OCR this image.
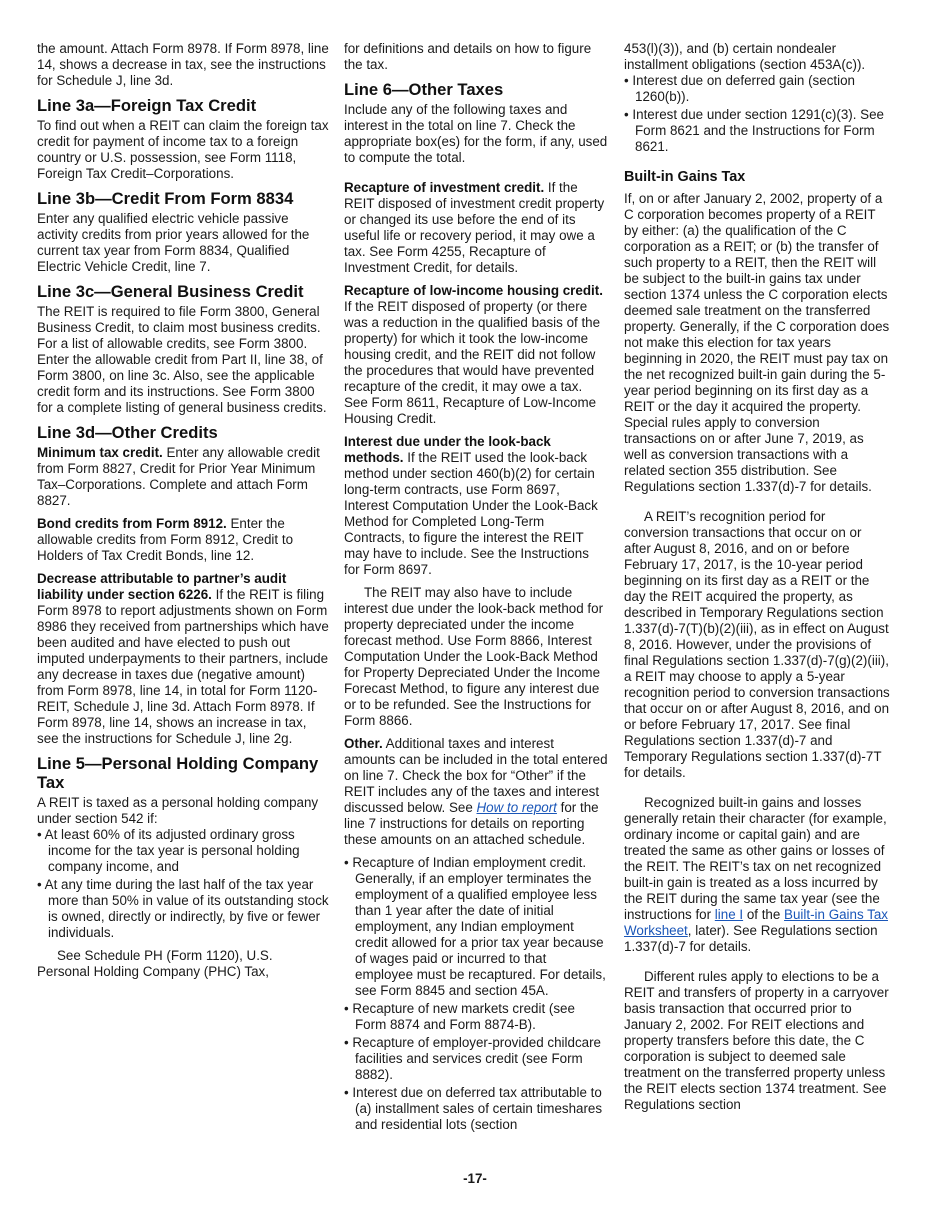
the amount. Attach Form 8978. If Form 8978, line 14, shows a decrease in tax, see the instructions for Schedule J, line 3d.

Line 3a—Foreign Tax Credit

To find out when a REIT can claim the foreign tax credit for payment of income tax to a foreign country or U.S. possession, see Form 1118, Foreign Tax Credit–Corporations.

Line 3b—Credit From Form 8834

Enter any qualified electric vehicle passive activity credits from prior years allowed for the current tax year from Form 8834, Qualified Electric Vehicle Credit, line 7.

Line 3c—General Business Credit

The REIT is required to file Form 3800, General Business Credit, to claim most business credits. For a list of allowable credits, see Form 3800. Enter the allowable credit from Part II, line 38, of Form 3800, on line 3c. Also, see the applicable credit form and its instructions. See Form 3800 for a complete listing of general business credits.

Line 3d—Other Credits

Minimum tax credit. Enter any allowable credit from Form 8827, Credit for Prior Year Minimum Tax–Corporations. Complete and attach Form 8827.

Bond credits from Form 8912. Enter the allowable credits from Form 8912, Credit to Holders of Tax Credit Bonds, line 12.

Decrease attributable to partner’s audit liability under section 6226. If the REIT is filing Form 8978 to report adjustments shown on Form 8986 they received from partnerships which have been audited and have elected to push out imputed underpayments to their partners, include any decrease in taxes due (negative amount) from Form 8978, line 14, in total for Form 1120-REIT, Schedule J, line 3d. Attach Form 8978. If Form 8978, line 14, shows an increase in tax, see the instructions for Schedule J, line 2g.

Line 5—Personal Holding Company Tax

A REIT is taxed as a personal holding company under section 542 if:

• At least 60% of its adjusted ordinary gross income for the tax year is personal holding company income, and

• At any time during the last half of the tax year more than 50% in value of its outstanding stock is owned, directly or indirectly, by five or fewer individuals.

See Schedule PH (Form 1120), U.S. Personal Holding Company (PHC) Tax,

for definitions and details on how to figure the tax.

Line 6—Other Taxes

Include any of the following taxes and interest in the total on line 7. Check the appropriate box(es) for the form, if any, used to compute the total.

Recapture of investment credit. If the REIT disposed of investment credit property or changed its use before the end of its useful life or recovery period, it may owe a tax. See Form 4255, Recapture of Investment Credit, for details.

Recapture of low-income housing credit. If the REIT disposed of property (or there was a reduction in the qualified basis of the property) for which it took the low-income housing credit, and the REIT did not follow the procedures that would have prevented recapture of the credit, it may owe a tax. See Form 8611, Recapture of Low-Income Housing Credit.

Interest due under the look-back methods. If the REIT used the look-back method under section 460(b)(2) for certain long-term contracts, use Form 8697, Interest Computation Under the Look-Back Method for Completed Long-Term Contracts, to figure the interest the REIT may have to include. See the Instructions for Form 8697.

The REIT may also have to include interest due under the look-back method for property depreciated under the income forecast method. Use Form 8866, Interest Computation Under the Look-Back Method for Property Depreciated Under the Income Forecast Method, to figure any interest due or to be refunded. See the Instructions for Form 8866.

Other. Additional taxes and interest amounts can be included in the total entered on line 7. Check the box for “Other” if the REIT includes any of the taxes and interest discussed below. See How to report for the line 7 instructions for details on reporting these amounts on an attached schedule.

• Recapture of Indian employment credit. Generally, if an employer terminates the employment of a qualified employee less than 1 year after the date of initial employment, any Indian employment credit allowed for a prior tax year because of wages paid or incurred to that employee must be recaptured. For details, see Form 8845 and section 45A.

• Recapture of new markets credit (see Form 8874 and Form 8874-B).

• Recapture of employer-provided childcare facilities and services credit (see Form 8882).

• Interest due on deferred tax attributable to (a) installment sales of certain timeshares and residential lots (section

453(l)(3)), and (b) certain nondealer installment obligations (section 453A(c)).

• Interest due on deferred gain (section 1260(b)).

• Interest due under section 1291(c)(3). See Form 8621 and the Instructions for Form 8621.

Built-in Gains Tax

If, on or after January 2, 2002, property of a C corporation becomes property of a REIT by either: (a) the qualification of the C corporation as a REIT; or (b) the transfer of such property to a REIT, then the REIT will be subject to the built-in gains tax under section 1374 unless the C corporation elects deemed sale treatment on the transferred property. Generally, if the C corporation does not make this election for tax years beginning in 2020, the REIT must pay tax on the net recognized built-in gain during the 5-year period beginning on its first day as a REIT or the day it acquired the property. Special rules apply to conversion transactions on or after June 7, 2019, as well as conversion transactions with a related section 355 distribution. See Regulations section 1.337(d)-7 for details.

A REIT’s recognition period for conversion transactions that occur on or after August 8, 2016, and on or before February 17, 2017, is the 10-year period beginning on its first day as a REIT or the day the REIT acquired the property, as described in Temporary Regulations section 1.337(d)-7(T)(b)(2)(iii), as in effect on August 8, 2016. However, under the provisions of final Regulations section 1.337(d)-7(g)(2)(iii), a REIT may choose to apply a 5-year recognition period to conversion transactions that occur on or after August 8, 2016, and on or before February 17, 2017. See final Regulations section 1.337(d)-7 and Temporary Regulations section 1.337(d)-7T for details.

Recognized built-in gains and losses generally retain their character (for example, ordinary income or capital gain) and are treated the same as other gains or losses of the REIT. The REIT’s tax on net recognized built-in gain is treated as a loss incurred by the REIT during the same tax year (see the instructions for line I of the Built-in Gains Tax Worksheet, later). See Regulations section 1.337(d)-7 for details.

Different rules apply to elections to be a REIT and transfers of property in a carryover basis transaction that occurred prior to January 2, 2002. For REIT elections and property transfers before this date, the C corporation is subject to deemed sale treatment on the transferred property unless the REIT elects section 1374 treatment. See Regulations section

-17-
